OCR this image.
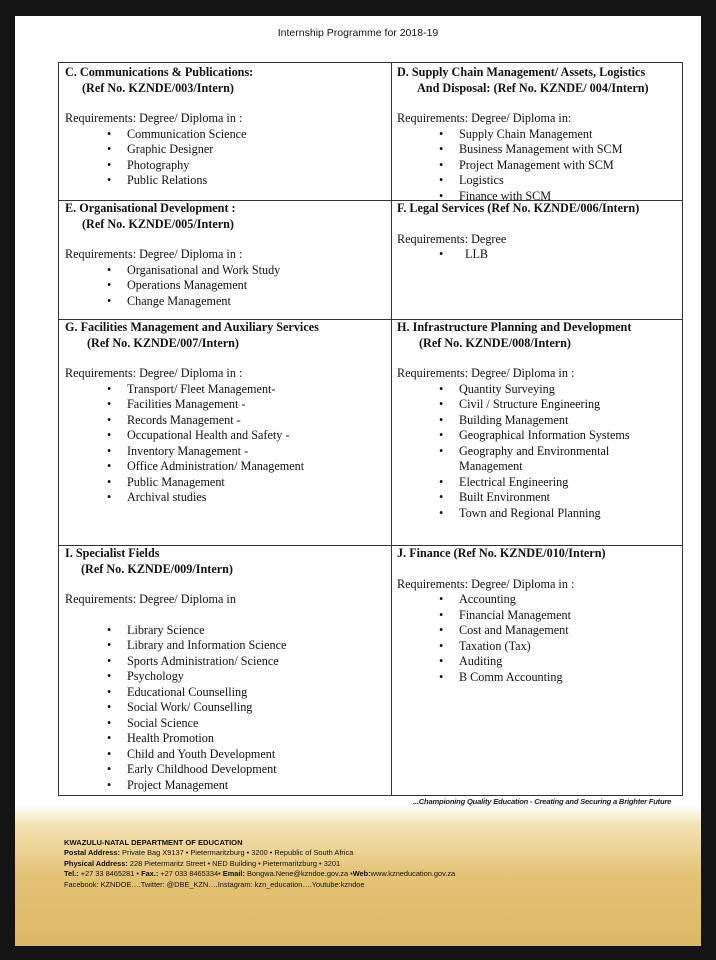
Internship Programme for 2018-19
C. Communications & Publications:
(Ref No. KZNDE/003/Intern)
Requirements: Degree/ Diploma in :
• Communication Science
• Graphic Designer
• Photography
• Public Relations
D. Supply Chain Management/ Assets, Logistics
And Disposal: (Ref No. KZNDE/ 004/Intern)
Requirements: Degree/ Diploma in:
• Supply Chain Management
• Business Management with SCM
• Project Management with SCM
• Logistics
• Finance with SCM
E. Organisational Development :
(Ref No. KZNDE/005/Intern)
Requirements: Degree/ Diploma in :
• Organisational and Work Study
• Operations Management
• Change Management
F. Legal Services (Ref No. KZNDE/006/Intern)
Requirements: Degree
• LLB
G. Facilities Management and Auxiliary Services
(Ref No. KZNDE/007/Intern)
Requirements: Degree/ Diploma in :
• Transport/ Fleet Management-
• Facilities Management -
• Records Management -
• Occupational Health and Safety -
• Inventory Management -
• Office Administration/ Management
• Public Management
• Archival studies
H. Infrastructure Planning and Development
(Ref No. KZNDE/008/Intern)
Requirements: Degree/ Diploma in :
• Quantity Surveying
• Civil / Structure Engineering
• Building Management
• Geographical Information Systems
• Geography and Environmental Management
• Electrical Engineering
• Built Environment
• Town and Regional Planning
I. Specialist Fields
(Ref No. KZNDE/009/Intern)
Requirements: Degree/ Diploma in
• Library Science
• Library and Information Science
• Sports Administration/ Science
• Psychology
• Educational Counselling
• Social Work/ Counselling
• Social Science
• Health Promotion
• Child and Youth Development
• Early Childhood Development
• Project Management
J. Finance (Ref No. KZNDE/010/Intern)
Requirements: Degree/ Diploma in :
• Accounting
• Financial Management
• Cost and Management
• Taxation (Tax)
• Auditing
• B Comm Accounting
...Championing Quality Education - Creating and Securing a Brighter Future
KWAZULU-NATAL DEPARTMENT OF EDUCATION
Postal Address: Private Bag X9137 • Pietermaritzburg • 3200 • Republic of South Africa
Physical Address: 228 Pietermaritz Street • NED Building • Pietermaritzburg • 3201
Tel.: +27 33 8465281 • Fax.: +27 033 8465334• Email: Bongwa.Nene@kzndoe.gov.za •Web:www.kzneducation.gov.za
Facebook: KZNDOE….Twitter: @DBE_KZN….Instagram: kzn_education….Youtube:kzndoe
